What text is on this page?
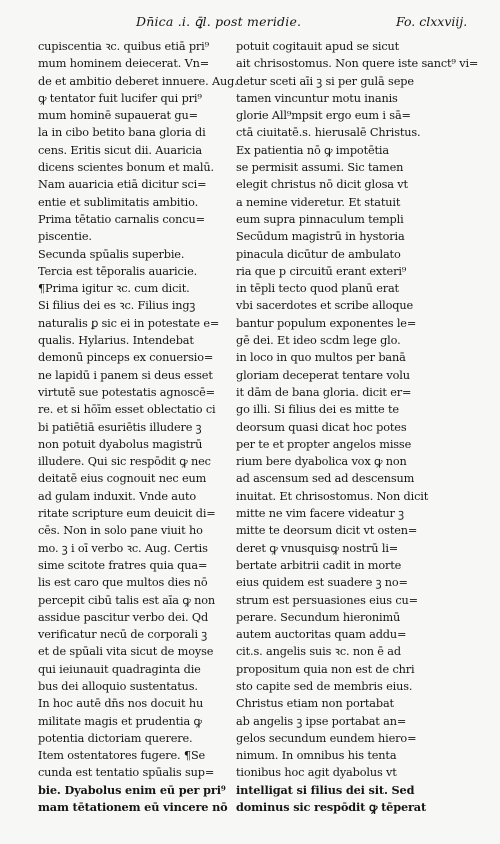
Dn̄ica .i. ꝗ̄l. post meridie.	Fo. clxxviij.
cupiscentia ꝛc. quibus etiā pri⁹
mum hominem deiecerat. Vn=
de et ambitio deberet innuere. Aug.
ꝙ tentator fuit lucifer qui pri⁹
mum hominē supauerat gu=
la in cibo betito bana gloria di
cens. Eritis sicut dii. Auaricia
dicens scientes bonum et malū.
Nam auaricia etiā dicitur sci=
entie et sublimitatis ambitio.
Prima tētatio carnalis concu=
piscentie.
Secunda spūalis superbie.
Tercia est tēporalis auaricie.
¶Prima igitur ꝛc. cum dicit.
Si filius dei es ꝛc. Filius ingꝫ
naturalis ꝑ sic ei in potestate e=
qualis. Hylarius. Intendebat
demonū pinceps ex conuersio=
ne lapidū i panem si deus esset
virtutē sue potestatis agnoscē=
re. et si hōīm esset oblectatio ci
bi patiētiā esuriētis illudere ꝫ
non potuit dyabolus magistrū
illudere. Qui sic respōdit ꝙ nec
deitatē eius cognouit nec eum
ad gulam induxit. Vnde auto
ritate scripture eum deuicit di=
cēs. Non in solo pane viuit ho
mo. ꝫ i oī verbo ꝛc. Aug. Certis
sime scitote fratres quia qua=
lis est caro que multos dies nō
percepit cibū talis est aīa ꝙ non
assidue pascitur verbo dei. Qd
verificatur necū de corporali ꝫ
et de spūali vita sicut de moyse
qui ieiunauit quadraginta die
bus dei alloquio sustentatus.
In hoc autē dn̄s nos docuit hu
militate magis et prudentia ꝙ
potentia dictoriam querere.
Item ostentatores fugere. ¶Se
cunda est tentatio spūalis sup=
bie. Dyabolus enim eū per pri⁹
mam tētationem eū vincere nō
potuit cogitauit apud se sicut
ait chrisostomus. Non quere iste sanct⁹ vi=
detur sceti aīi ꝫ si per gulā sepe
tamen vincuntur motu inanis
glorie All⁹mpsit ergo eum i sā=
ctā ciuitatē.s. hierusalē Christus.
Ex patientia nō ꝙ impotētia
se permisit assumi. Sic tamen
elegit christus nō dicit glosa vt
a nemine videretur. Et statuit
eum supra pinnaculum templi
Secūdum magistrū in hystoria
pinacula dicūtur de ambulato
ria que p circuitū erant exteri⁹
in tēpli tecto quod planū erat
vbi sacerdotes et scribe alloque
bantur populum exponentes le=
gē dei. Et ideo scdm lege glo.
in loco in quo multos per banā
gloriam deceperat tentare volu
it dām de bana gloria. dicit er=
go illi. Si filius dei es mitte te
deorsum quasi dicat hoc potes
per te et propter angelos misse
rium bere dyabolica vox ꝙ non
ad ascensum sed ad descensum
inuitat. Et chrisostomus. Non dicit
mitte ne vim facere videatur ꝫ
mitte te deorsum dicit vt osten=
deret ꝙ vnusquisꝙ nostrū li=
bertate arbitrii cadit in morte
eius quidem est suadere ꝫ no=
strum est persuasiones eius cu=
perare. Secundum hieronimū
autem auctoritas quam addu=
cit.s. angelis suis ꝛc. non ē ad
propositum quia non est de chri
sto capite sed de membris eius.
Christus etiam non portabat
ab angelis ꝫ ipse portabat an=
gelos secundum eundem hiero=
nimum. In omnibus his tenta
tionibus hoc agit dyabolus vt
intelligat si filius dei sit. Sed
dominus sic respōdit ꝙ tēperat
